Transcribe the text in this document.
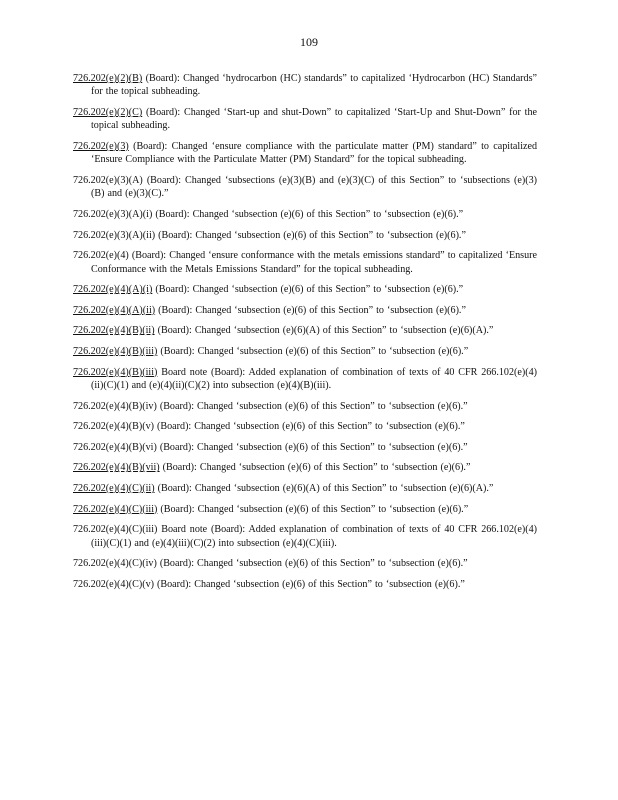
109

726.202(e)(2)(B) (Board): Changed ‘hydrocarbon (HC) standards” to capitalized ‘Hydrocarbon (HC) Standards” for the topical subheading.

726.202(e)(2)(C) (Board): Changed ‘Start-up and shut-Down” to capitalized ‘Start-Up and Shut-Down” for the topical subheading.

726.202(e)(3) (Board): Changed ‘ensure compliance with the particulate matter (PM) standard” to capitalized ‘Ensure Compliance with the Particulate Matter (PM) Standard” for the topical subheading.

726.202(e)(3)(A) (Board): Changed ‘subsections (e)(3)(B) and (e)(3)(C) of this Section” to ‘subsections (e)(3)(B) and (e)(3)(C).”

726.202(e)(3)(A)(i) (Board): Changed ‘subsection (e)(6) of this Section” to ‘subsection (e)(6).”

726.202(e)(3)(A)(ii) (Board): Changed ‘subsection (e)(6) of this Section” to ‘subsection (e)(6).”

726.202(e)(4) (Board): Changed ‘ensure conformance with the metals emissions standard” to capitalized ‘Ensure Conformance with the Metals Emissions Standard” for the topical subheading.

726.202(e)(4)(A)(i) (Board): Changed ‘subsection (e)(6) of this Section” to ‘subsection (e)(6).”

726.202(e)(4)(A)(ii) (Board): Changed ‘subsection (e)(6) of this Section” to ‘subsection (e)(6).”

726.202(e)(4)(B)(ii) (Board): Changed ‘subsection (e)(6)(A) of this Section” to ‘subsection (e)(6)(A).”

726.202(e)(4)(B)(iii) (Board): Changed ‘subsection (e)(6) of this Section” to ‘subsection (e)(6).”

726.202(e)(4)(B)(iii) Board note (Board): Added explanation of combination of texts of 40 CFR 266.102(e)(4)(ii)(C)(1) and (e)(4)(ii)(C)(2) into subsection (e)(4)(B)(iii).

726.202(e)(4)(B)(iv) (Board): Changed ‘subsection (e)(6) of this Section” to ‘subsection (e)(6).”

726.202(e)(4)(B)(v) (Board): Changed ‘subsection (e)(6) of this Section” to ‘subsection (e)(6).”

726.202(e)(4)(B)(vi) (Board): Changed ‘subsection (e)(6) of this Section” to ‘subsection (e)(6).”

726.202(e)(4)(B)(vii) (Board): Changed ‘subsection (e)(6) of this Section” to ‘subsection (e)(6).”

726.202(e)(4)(C)(ii) (Board): Changed ‘subsection (e)(6)(A) of this Section” to ‘subsection (e)(6)(A).”

726.202(e)(4)(C)(iii) (Board): Changed ‘subsection (e)(6) of this Section” to ‘subsection (e)(6).”

726.202(e)(4)(C)(iii) Board note (Board): Added explanation of combination of texts of 40 CFR 266.102(e)(4)(iii)(C)(1) and (e)(4)(iii)(C)(2) into subsection (e)(4)(C)(iii).

726.202(e)(4)(C)(iv) (Board): Changed ‘subsection (e)(6) of this Section” to ‘subsection (e)(6).”

726.202(e)(4)(C)(v) (Board): Changed ‘subsection (e)(6) of this Section” to ‘subsection (e)(6).”
